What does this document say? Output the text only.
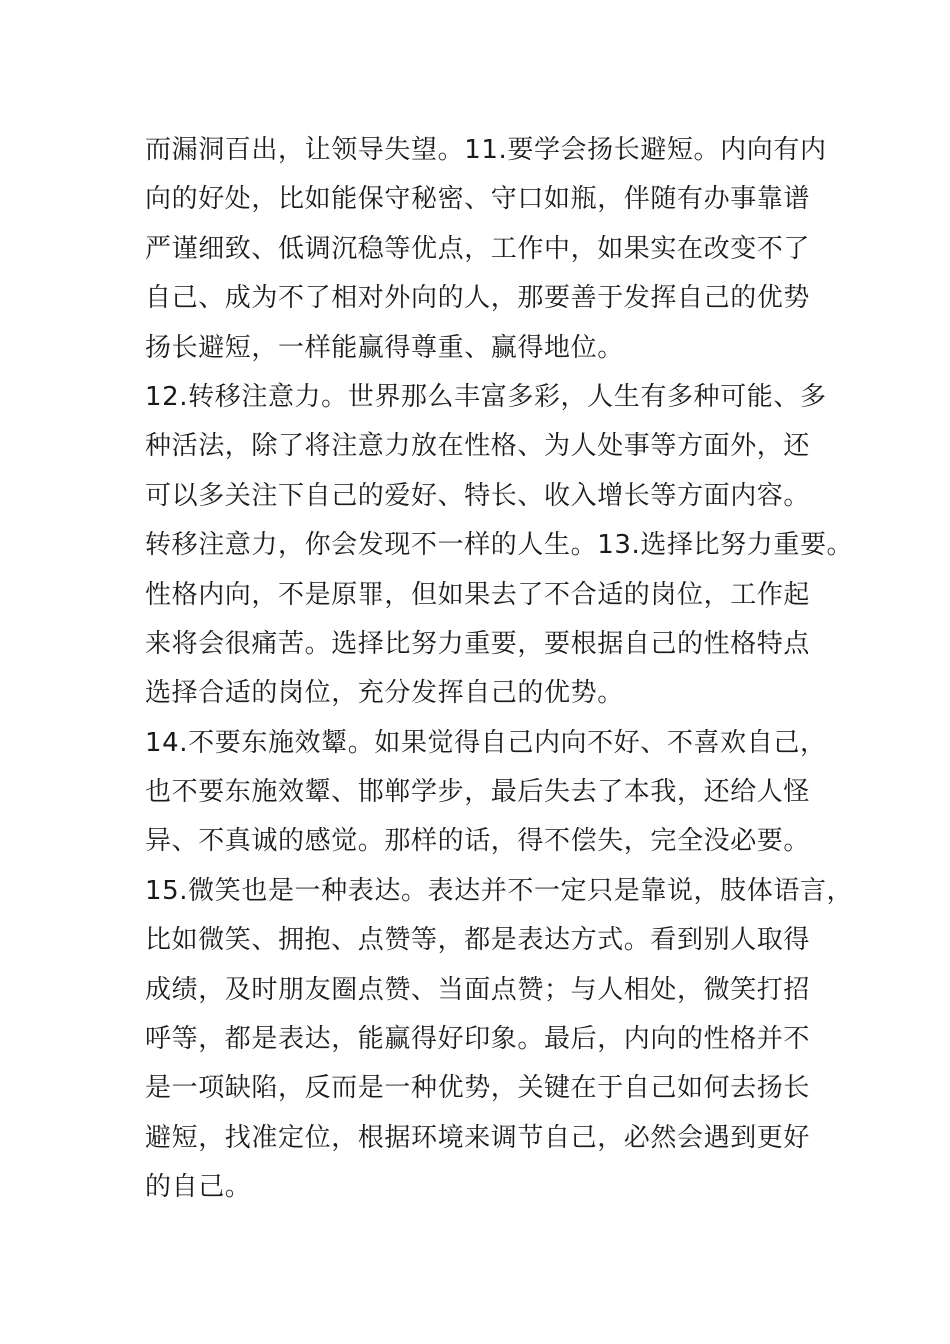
而漏洞百出，让领导失望。11.要学会扬长避短。内向有内
向的好处，比如能保守秘密、守口如瓶，伴随有办事靠谱
严谨细致、低调沉稳等优点，工作中，如果实在改变不了
自己、成为不了相对外向的人，那要善于发挥自己的优势
扬长避短，一样能赢得尊重、赢得地位。
12.转移注意力。世界那么丰富多彩，人生有多种可能、多
种活法，除了将注意力放在性格、为人处事等方面外，还
可以多关注下自己的爱好、特长、收入增长等方面内容。
转移注意力，你会发现不一样的人生。13.选择比努力重要。
性格内向，不是原罪，但如果去了不合适的岗位，工作起
来将会很痛苦。选择比努力重要，要根据自己的性格特点
选择合适的岗位，充分发挥自己的优势。
14.不要东施效颦。如果觉得自己内向不好、不喜欢自己，
也不要东施效颦、邯郸学步，最后失去了本我，还给人怪
异、不真诚的感觉。那样的话，得不偿失，完全没必要。
15.微笑也是一种表达。表达并不一定只是靠说，肢体语言，
比如微笑、拥抱、点赞等，都是表达方式。看到别人取得
成绩，及时朋友圈点赞、当面点赞；与人相处，微笑打招
呼等，都是表达，能赢得好印象。最后，内向的性格并不
是一项缺陷，反而是一种优势，关键在于自己如何去扬长
避短，找准定位，根据环境来调节自己，必然会遇到更好
的自己。
